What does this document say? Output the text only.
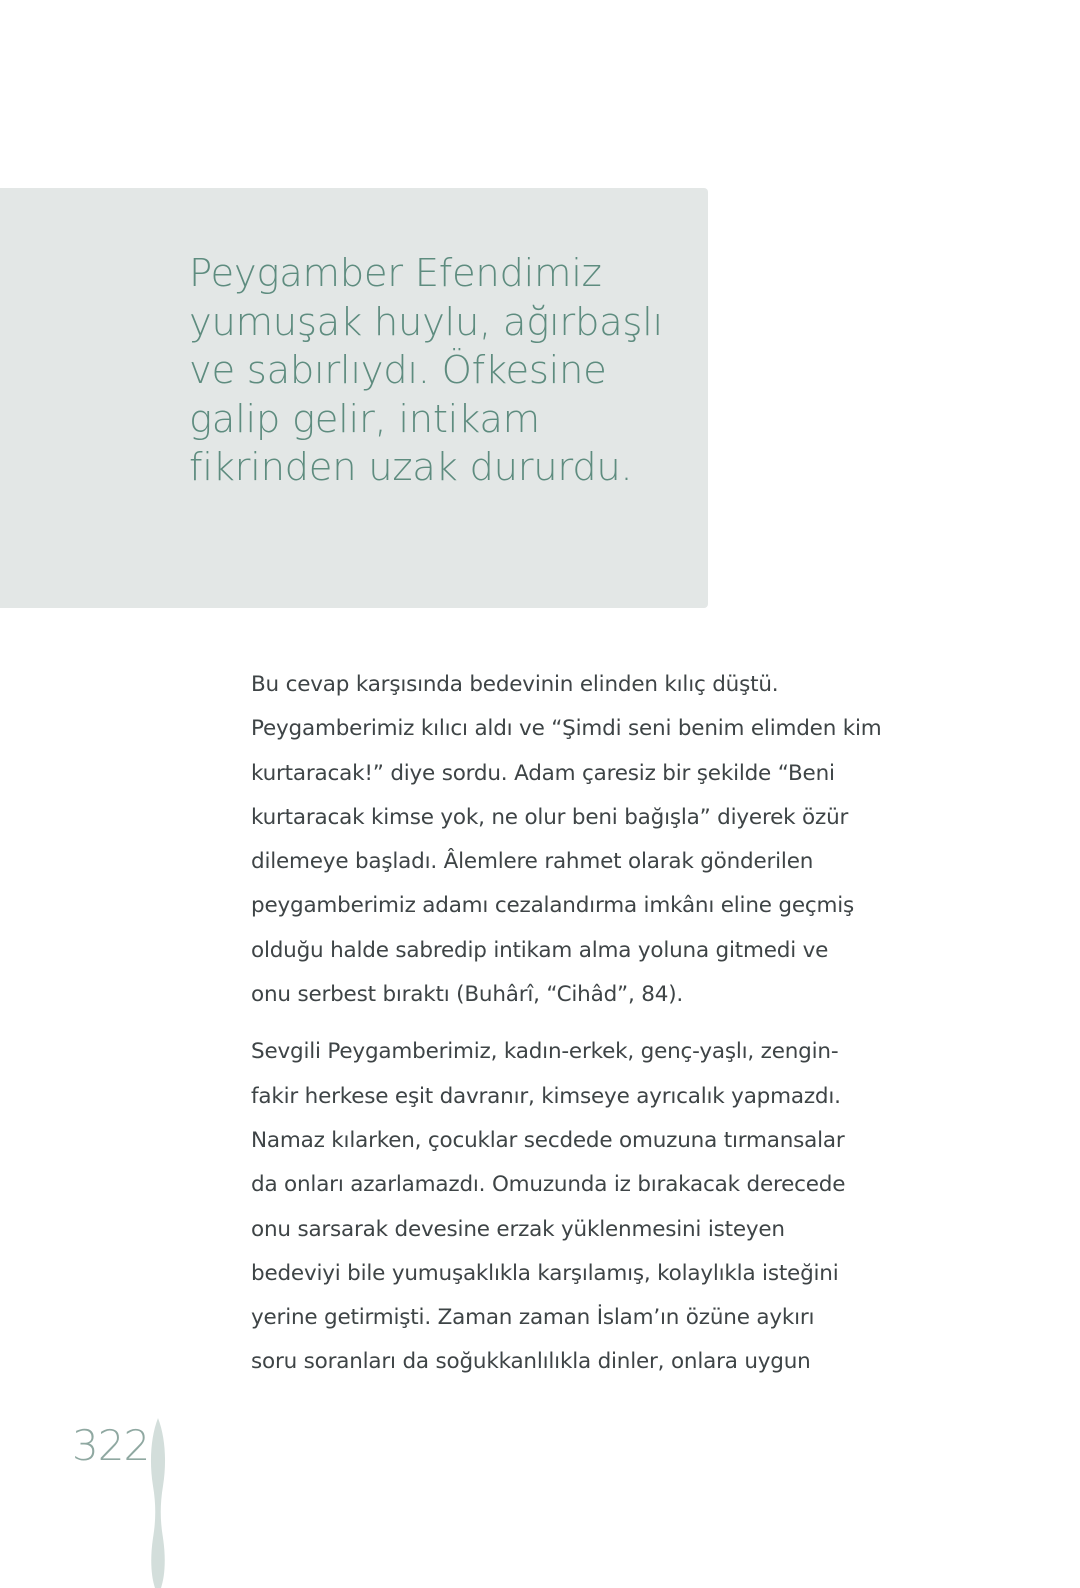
Peygamber Efendimiz
yumuşak huylu, ağırbaşlı
ve sabırlıydı. Öfkesine
galip gelir, intikam
fikrinden uzak dururdu.

Bu cevap karşısında bedevinin elinden kılıç düştü.
Peygamberimiz kılıcı aldı ve “Şimdi seni benim elimden kim
kurtaracak!” diye sordu. Adam çaresiz bir şekilde “Beni
kurtaracak kimse yok, ne olur beni bağışla” diyerek özür
dilemeye başladı. Âlemlere rahmet olarak gönderilen
peygamberimiz adamı cezalandırma imkânı eline geçmiş
olduğu halde sabredip intikam alma yoluna gitmedi ve
onu serbest bıraktı (Buhârî, “Cihâd”, 84).

Sevgili Peygamberimiz, kadın-erkek, genç-yaşlı, zengin-
fakir herkese eşit davranır, kimseye ayrıcalık yapmazdı.
Namaz kılarken, çocuklar secdede omuzuna tırmansalar
da onları azarlamazdı. Omuzunda iz bırakacak derecede
onu sarsarak devesine erzak yüklenmesini isteyen
bedeviyi bile yumuşaklıkla karşılamış, kolaylıkla isteğini
yerine getirmişti. Zaman zaman İslam’ın özüne aykırı
soru soranları da soğukkanlılıkla dinler, onlara uygun

322
